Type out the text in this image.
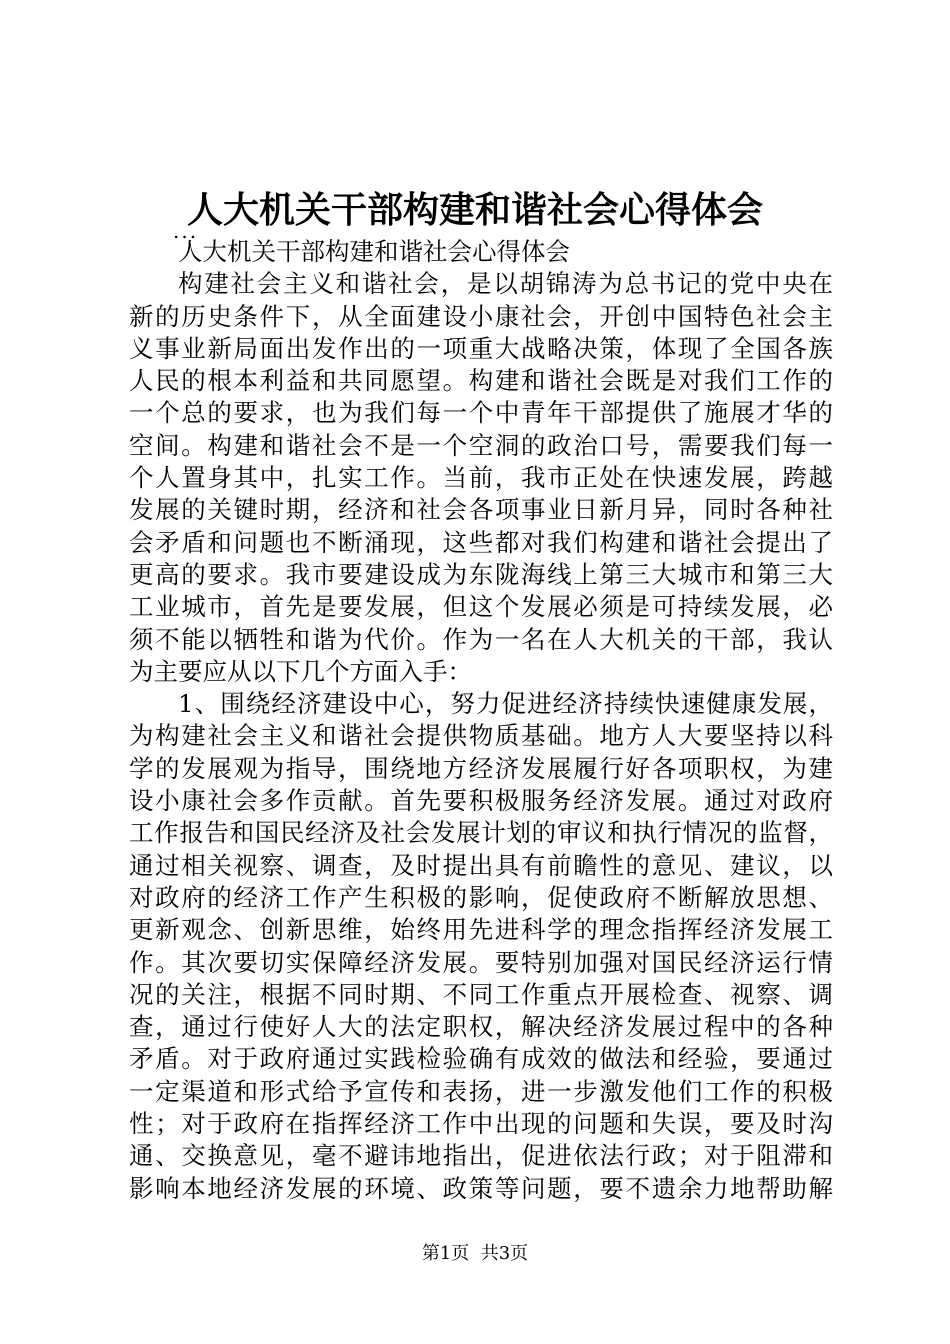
人大机关干部构建和谐社会心得体会
...
人大机关干部构建和谐社会心得体会
构建社会主义和谐社会，是以胡锦涛为总书记的党中央在
新的历史条件下，从全面建设小康社会，开创中国特色社会主
义事业新局面出发作出的一项重大战略决策，体现了全国各族
人民的根本利益和共同愿望。构建和谐社会既是对我们工作的
一个总的要求，也为我们每一个中青年干部提供了施展才华的
空间。构建和谐社会不是一个空洞的政治口号，需要我们每一
个人置身其中，扎实工作。当前，我市正处在快速发展，跨越
发展的关键时期，经济和社会各项事业日新月异，同时各种社
会矛盾和问题也不断涌现，这些都对我们构建和谐社会提出了
更高的要求。我市要建设成为东陇海线上第三大城市和第三大
工业城市，首先是要发展，但这个发展必须是可持续发展，必
须不能以牺牲和谐为代价。作为一名在人大机关的干部，我认
为主要应从以下几个方面入手：
1、围绕经济建设中心，努力促进经济持续快速健康发展，
为构建社会主义和谐社会提供物质基础。地方人大要坚持以科
学的发展观为指导，围绕地方经济发展履行好各项职权，为建
设小康社会多作贡献。首先要积极服务经济发展。通过对政府
工作报告和国民经济及社会发展计划的审议和执行情况的监督，
通过相关视察、调查，及时提出具有前瞻性的意见、建议，以
对政府的经济工作产生积极的影响，促使政府不断解放思想、
更新观念、创新思维，始终用先进科学的理念指挥经济发展工
作。其次要切实保障经济发展。要特别加强对国民经济运行情
况的关注，根据不同时期、不同工作重点开展检查、视察、调
查，通过行使好人大的法定职权，解决经济发展过程中的各种
矛盾。对于政府通过实践检验确有成效的做法和经验，要通过
一定渠道和形式给予宣传和表扬，进一步激发他们工作的积极
性；对于政府在指挥经济工作中出现的问题和失误，要及时沟
通、交换意见，毫不避讳地指出，促进依法行政；对于阻滞和
影响本地经济发展的环境、政策等问题，要不遗余力地帮助解
第1页  共3页
